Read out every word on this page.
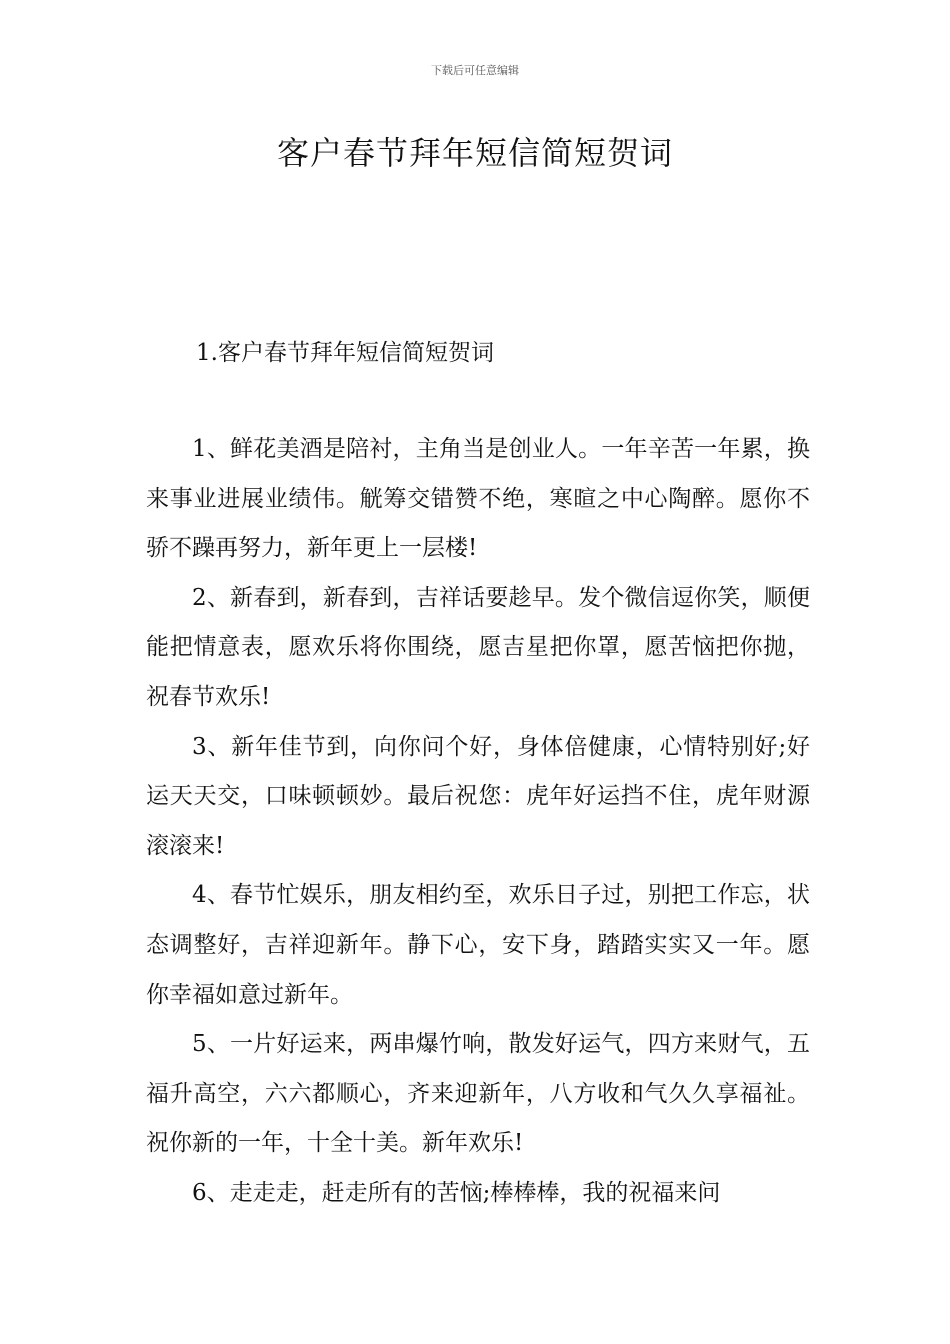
下载后可任意编辑
客户春节拜年短信简短贺词
1.客户春节拜年短信简短贺词

1、鲜花美酒是陪衬，主角当是创业人。一年辛苦一年累，换来事业进展业绩伟。觥筹交错赞不绝，寒暄之中心陶醉。愿你不骄不躁再努力，新年更上一层楼!

2、新春到，新春到，吉祥话要趁早。发个微信逗你笑，顺便能把情意表，愿欢乐将你围绕，愿吉星把你罩，愿苦恼把你抛，祝春节欢乐!

3、新年佳节到，向你问个好，身体倍健康，心情特别好;好运天天交，口味顿顿妙。最后祝您：虎年好运挡不住，虎年财源滚滚来!

4、春节忙娱乐，朋友相约至，欢乐日子过，别把工作忘，状态调整好，吉祥迎新年。静下心，安下身，踏踏实实又一年。愿你幸福如意过新年。

5、一片好运来，两串爆竹响，散发好运气，四方来财气，五福升高空，六六都顺心，齐来迎新年，八方收和气久久享福祉。祝你新的一年，十全十美。新年欢乐!

6、走走走，赶走所有的苦恼;棒棒棒，我的祝福来问
